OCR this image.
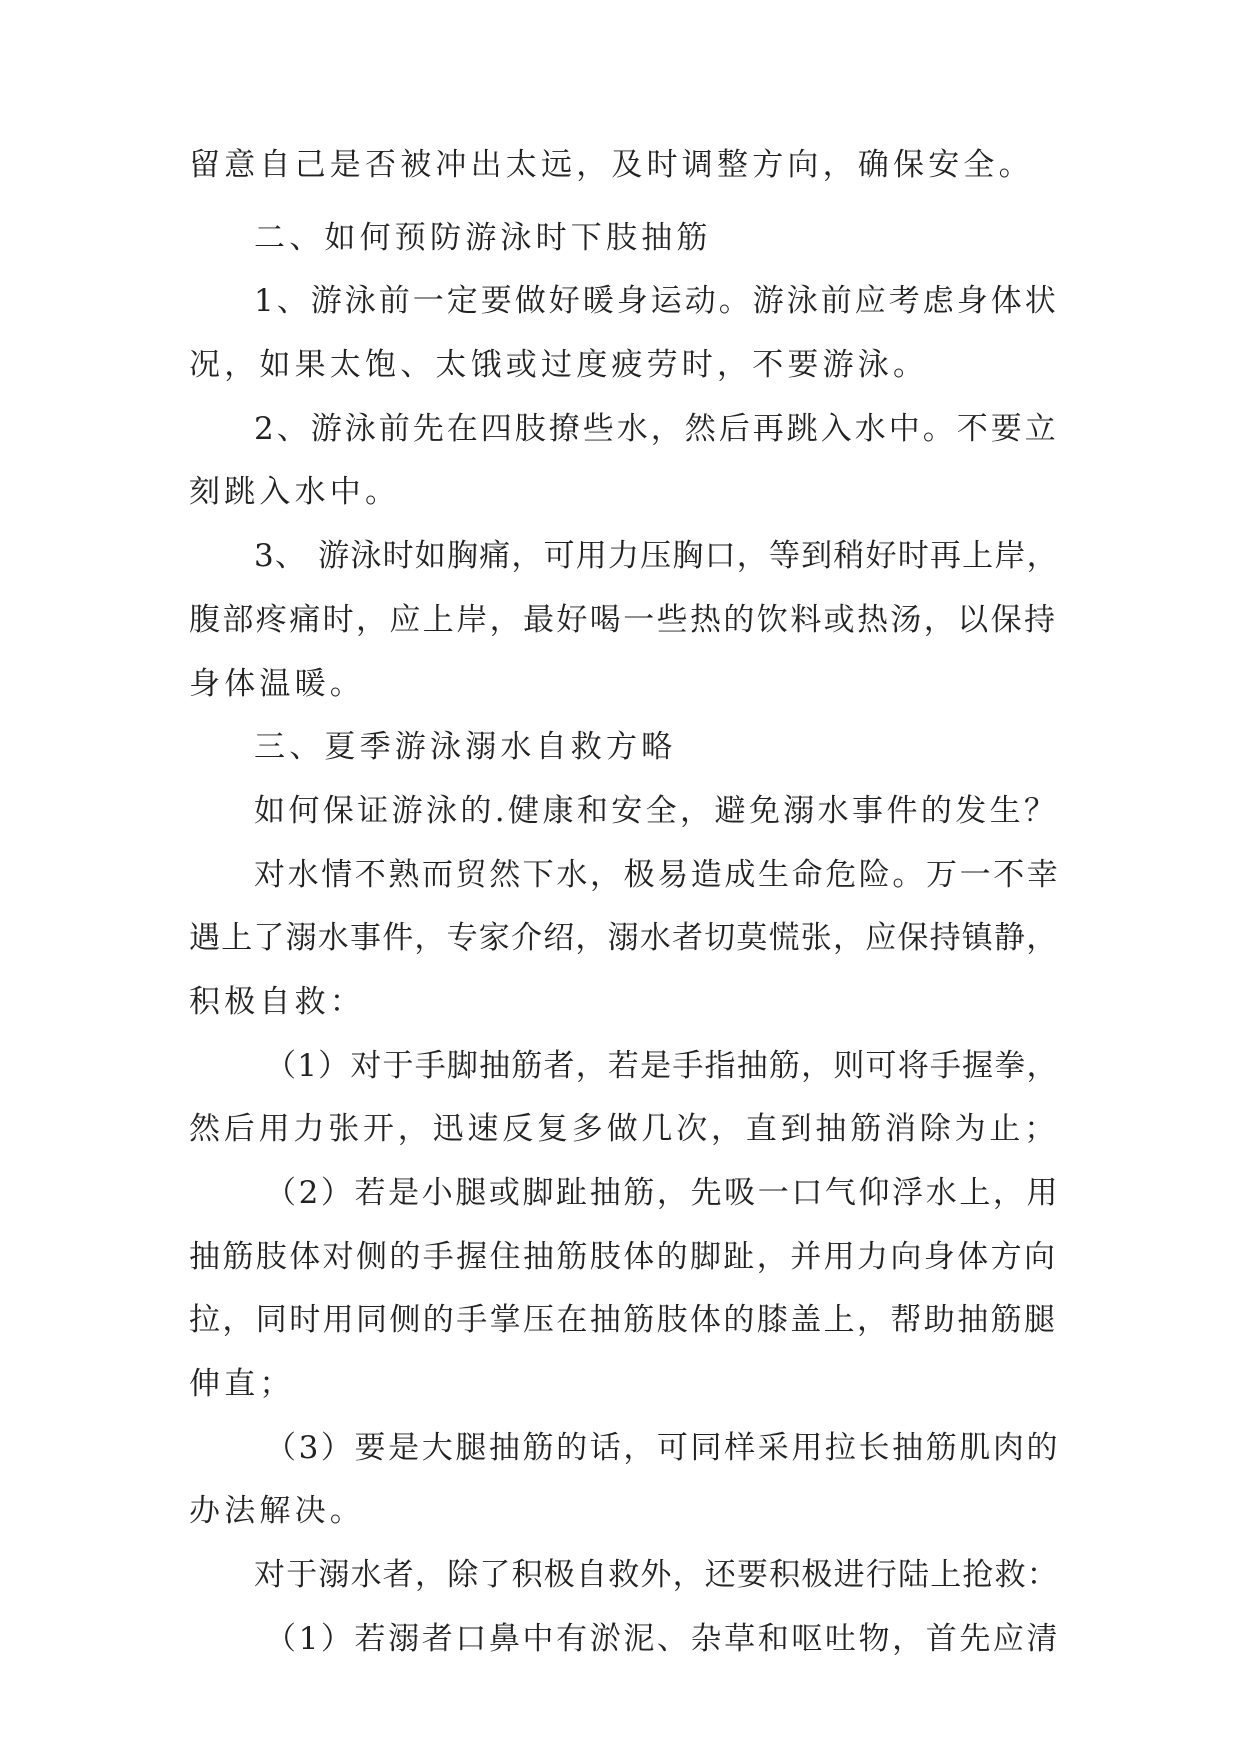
留意自己是否被冲出太远，及时调整方向，确保安全。
二、如何预防游泳时下肢抽筋
1、游泳前一定要做好暖身运动。游泳前应考虑身体状
况，如果太饱、太饿或过度疲劳时，不要游泳。
2、游泳前先在四肢撩些水，然后再跳入水中。不要立
刻跳入水中。
3、 游泳时如胸痛，可用力压胸口，等到稍好时再上岸，
腹部疼痛时，应上岸，最好喝一些热的饮料或热汤，以保持
身体温暖。
三、夏季游泳溺水自救方略
如何保证游泳的.健康和安全，避免溺水事件的发生？
对水情不熟而贸然下水，极易造成生命危险。万一不幸
遇上了溺水事件，专家介绍，溺水者切莫慌张，应保持镇静，
积极自救：
（1）对于手脚抽筋者，若是手指抽筋，则可将手握拳，
然后用力张开，迅速反复多做几次，直到抽筋消除为止；
（2）若是小腿或脚趾抽筋，先吸一口气仰浮水上，用
抽筋肢体对侧的手握住抽筋肢体的脚趾，并用力向身体方向
拉，同时用同侧的手掌压在抽筋肢体的膝盖上，帮助抽筋腿
伸直；
（3）要是大腿抽筋的话，可同样采用拉长抽筋肌肉的
办法解决。
对于溺水者，除了积极自救外，还要积极进行陆上抢救：
（1）若溺者口鼻中有淤泥、杂草和呕吐物，首先应清
